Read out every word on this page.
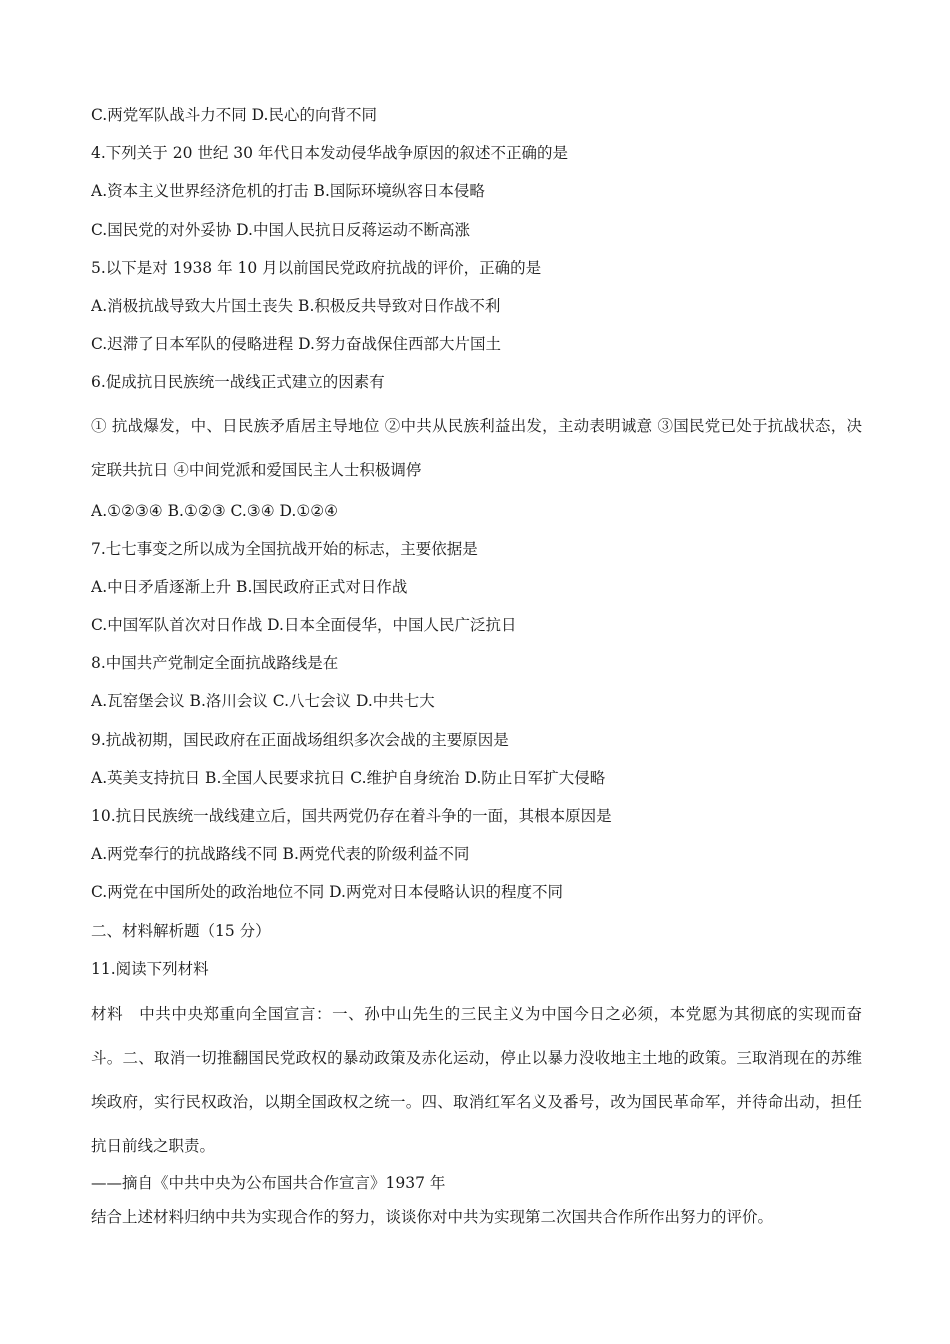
C.两党军队战斗力不同 D.民心的向背不同
4.下列关于 20 世纪 30 年代日本发动侵华战争原因的叙述不正确的是
A.资本主义世界经济危机的打击 B.国际环境纵容日本侵略
C.国民党的对外妥协 D.中国人民抗日反蒋运动不断高涨
5.以下是对 1938 年 10 月以前国民党政府抗战的评价，正确的是
A.消极抗战导致大片国土丧失 B.积极反共导致对日作战不利
C.迟滞了日本军队的侵略进程 D.努力奋战保住西部大片国土
6.促成抗日民族统一战线正式建立的因素有
① 抗战爆发，中、日民族矛盾居主导地位 ②中共从民族利益出发，主动表明诚意 ③国民党已处于抗战状态，决定联共抗日 ④中间党派和爱国民主人士积极调停
A.①②③④ B.①②③ C.③④ D.①②④
7.七七事变之所以成为全国抗战开始的标志，主要依据是
A.中日矛盾逐渐上升 B.国民政府正式对日作战
C.中国军队首次对日作战 D.日本全面侵华，中国人民广泛抗日
8.中国共产党制定全面抗战路线是在
A.瓦窑堡会议 B.洛川会议 C.八七会议 D.中共七大
9.抗战初期，国民政府在正面战场组织多次会战的主要原因是
A.英美支持抗日 B.全国人民要求抗日 C.维护自身统治 D.防止日军扩大侵略
10.抗日民族统一战线建立后，国共两党仍存在着斗争的一面，其根本原因是
A.两党奉行的抗战路线不同 B.两党代表的阶级利益不同
C.两党在中国所处的政治地位不同 D.两党对日本侵略认识的程度不同
二、材料解析题（15 分）
11.阅读下列材料
材料　中共中央郑重向全国宣言：一、孙中山先生的三民主义为中国今日之必须，本党愿为其彻底的实现而奋斗。二、取消一切推翻国民党政权的暴动政策及赤化运动，停止以暴力没收地主土地的政策。三取消现在的苏维埃政府，实行民权政治，以期全国政权之统一。四、取消红军名义及番号，改为国民革命军，并待命出动，担任抗日前线之职责。
——摘自《中共中央为公布国共合作宣言》1937 年
结合上述材料归纳中共为实现合作的努力，谈谈你对中共为实现第二次国共合作所作出努力的评价。
